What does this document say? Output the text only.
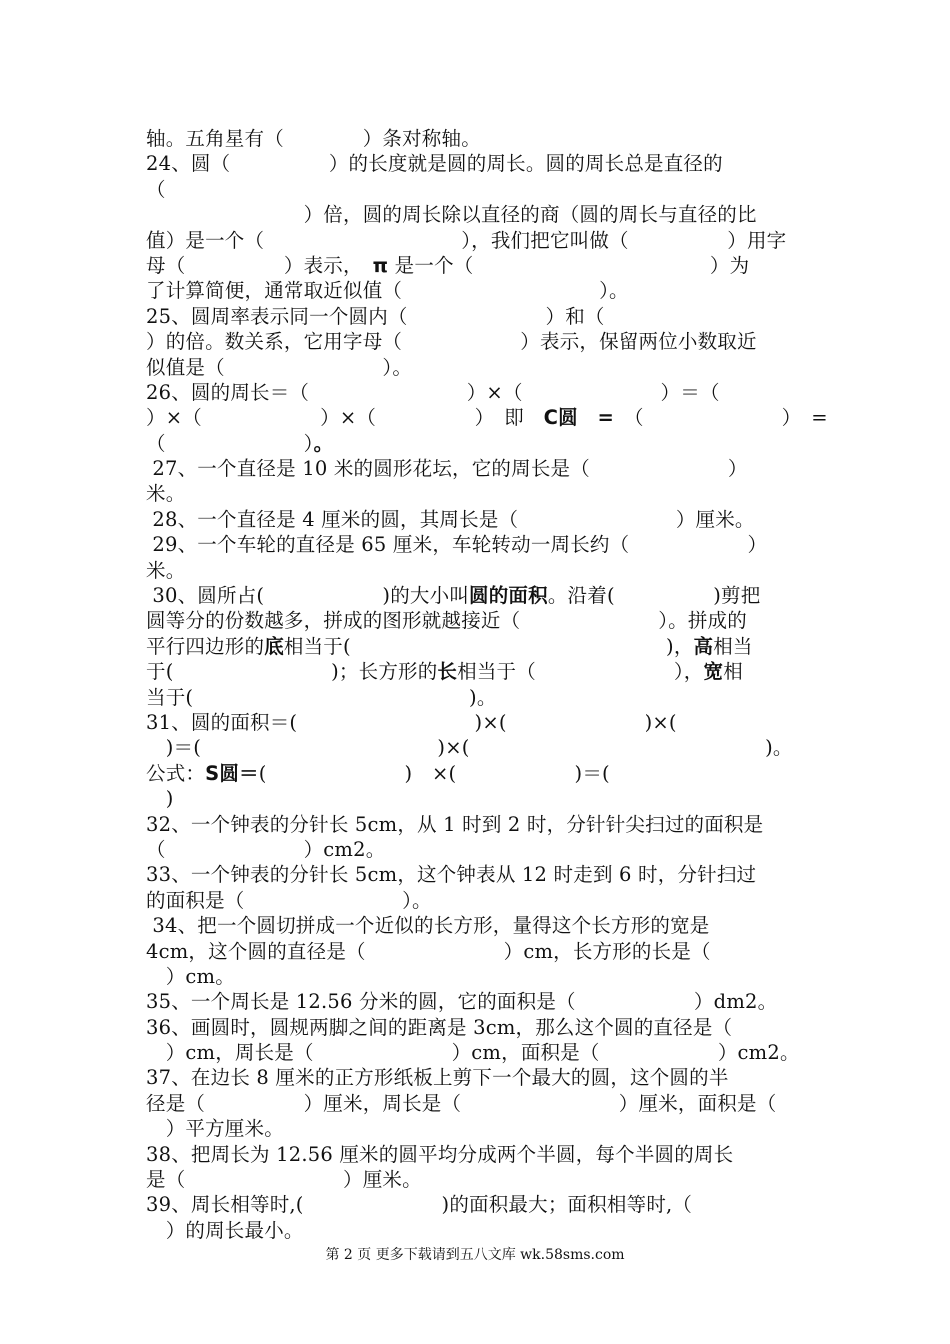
轴。五角星有（　　　　）条对称轴。
24、圆（　　　　　）的长度就是圆的周长。圆的周长总是直径的
（
　　　　　　　　）倍，圆的周长除以直径的商（圆的周长与直径的比
值）是一个（　　　　　　　　　　），我们把它叫做（　　　　　）用字
母（　　　　　）表示，　π 是一个（　　　　　　　　　　　　）为
了计算简便，通常取近似值（　　　　　　　　　　）。
25、圆周率表示同一个圆内（　　　　　　　）和（
）的倍。数关系，它用字母（　　　　　　）表示，保留两位小数取近
似值是（　　　　　　　　）。
26、圆的周长＝（　　　　　　　　）×（　　　　　　　）＝（
）×（　　　　　　）×（　　　　　）　即　C圆　=　（　　　　　　　）　=
（　　　　　　　）。
27、一个直径是 10 米的圆形花坛，它的周长是（　　　　　　　）
米。
28、一个直径是 4 厘米的圆，其周长是（　　　　　　　　）厘米。
29、一个车轮的直径是 65 厘米，车轮转动一周长约（　　　　　　）
米。
30、圆所占(　　　　　　)的大小叫圆的面积。沿着(　　　　　)剪把
圆等分的份数越多，拼成的图形就越接近（　　　　　　　）。拼成的
平行四边形的底相当于(　　　　　　　　　　　　　　　　)，高相当
于(　　　　　　　　)；长方形的长相当于（　　　　　　　），宽相
当于(　　　　　　　　　　　　　　)。
31、圆的面积＝(　　　　　　　　　)×(　　　　　　　)×(
　)＝(　　　　　　　　　　　　)×(　　　　　　　　　　　　　　　)。
公式：S圆＝(　　　　　　　)　×(　　　　　　)＝(
　)
32、一个钟表的分针长 5cm，从 1 时到 2 时，分针针尖扫过的面积是
（　　　　　　　）cm2。
33、一个钟表的分针长 5cm，这个钟表从 12 时走到 6 时，分针扫过
的面积是（　　　　　　　　）。
34、把一个圆切拼成一个近似的长方形，量得这个长方形的宽是
4cm，这个圆的直径是（　　　　　　　）cm，长方形的长是（
　）cm。
35、一个周长是 12.56 分米的圆，它的面积是（　　　　　　）dm2。
36、画圆时，圆规两脚之间的距离是 3cm，那么这个圆的直径是（
　）cm，周长是（　　　　　　　）cm，面积是（　　　　　　）cm2。
37、在边长 8 厘米的正方形纸板上剪下一个最大的圆，这个圆的半
径是（　　　　　）厘米，周长是（　　　　　　　　）厘米，面积是（
　）平方厘米。
38、把周长为 12.56 厘米的圆平均分成两个半圆，每个半圆的周长
是（　　　　　　　　）厘米。
39、周长相等时,(　　　　　　　)的面积最大；面积相等时,（
　）的周长最小。
第 2 页 更多下载请到五八文库 wk.58sms.com
